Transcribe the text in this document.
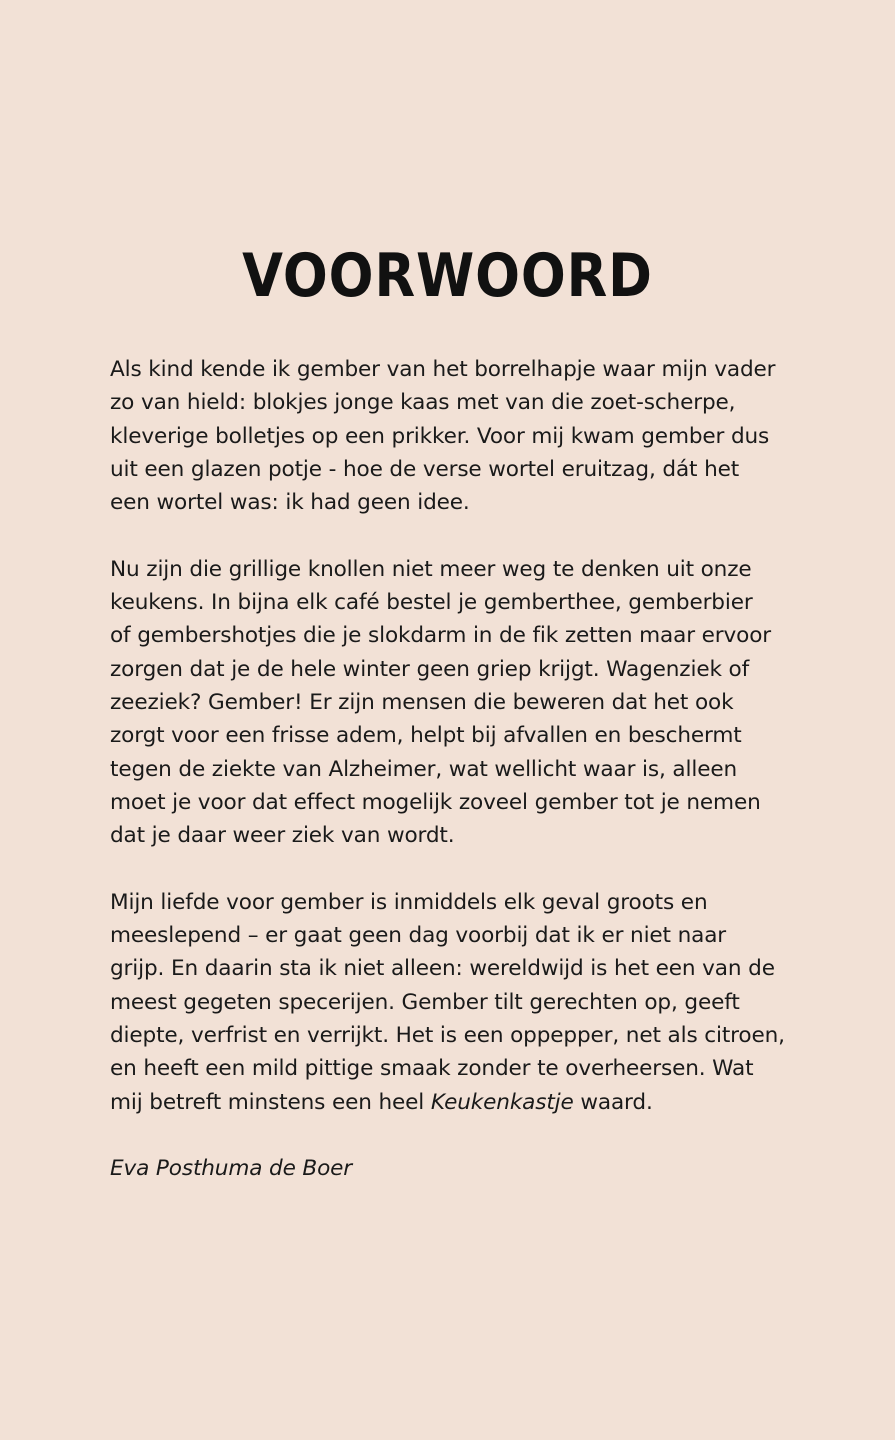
VOORWOORD

Als kind kende ik gember van het borrelhapje waar mijn vader
zo van hield: blokjes jonge kaas met van die zoet-scherpe,
kleverige bolletjes op een prikker. Voor mij kwam gember dus
uit een glazen potje - hoe de verse wortel eruitzag, dát het
een wortel was: ik had geen idee.

Nu zijn die grillige knollen niet meer weg te denken uit onze
keukens. In bijna elk café bestel je gemberthee, gemberbier
of gembershotjes die je slokdarm in de fik zetten maar ervoor
zorgen dat je de hele winter geen griep krijgt. Wagenziek of
zeeziek? Gember! Er zijn mensen die beweren dat het ook
zorgt voor een frisse adem, helpt bij afvallen en beschermt
tegen de ziekte van Alzheimer, wat wellicht waar is, alleen
moet je voor dat effect mogelijk zoveel gember tot je nemen
dat je daar weer ziek van wordt.

Mijn liefde voor gember is inmiddels elk geval groots en
meeslepend – er gaat geen dag voorbij dat ik er niet naar
grijp. En daarin sta ik niet alleen: wereldwijd is het een van de
meest gegeten specerijen. Gember tilt gerechten op, geeft
diepte, verfrist en verrijkt. Het is een oppepper, net als citroen,
en heeft een mild pittige smaak zonder te overheersen. Wat
mij betreft minstens een heel Keukenkastje waard.

Eva Posthuma de Boer
